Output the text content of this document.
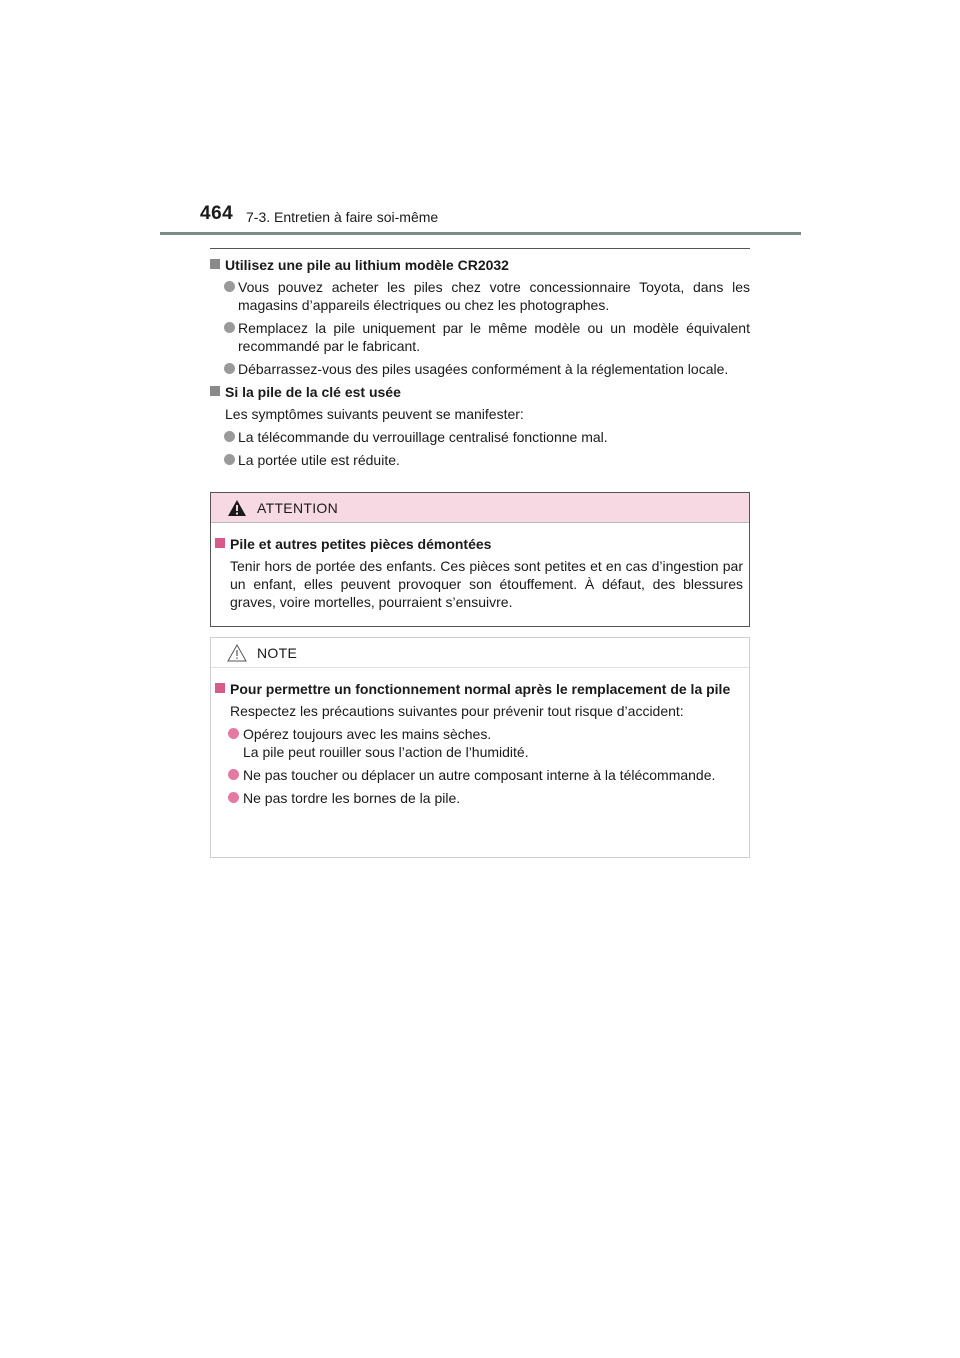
464 7-3. Entretien à faire soi-même
Utilisez une pile au lithium modèle CR2032
Vous pouvez acheter les piles chez votre concessionnaire Toyota, dans les magasins d’appareils électriques ou chez les photographes.
Remplacez la pile uniquement par le même modèle ou un modèle équivalent recommandé par le fabricant.
Débarrassez-vous des piles usagées conformément à la réglementation locale.
Si la pile de la clé est usée
Les symptômes suivants peuvent se manifester:
La télécommande du verrouillage centralisé fonctionne mal.
La portée utile est réduite.
ATTENTION
Pile et autres petites pièces démontées
Tenir hors de portée des enfants. Ces pièces sont petites et en cas d’ingestion par un enfant, elles peuvent provoquer son étouffement. À défaut, des blessures graves, voire mortelles, pourraient s’ensuivre.
NOTE
Pour permettre un fonctionnement normal après le remplacement de la pile
Respectez les précautions suivantes pour prévenir tout risque d’accident:
Opérez toujours avec les mains sèches.
La pile peut rouiller sous l’action de l’humidité.
Ne pas toucher ou déplacer un autre composant interne à la télécommande.
Ne pas tordre les bornes de la pile.
